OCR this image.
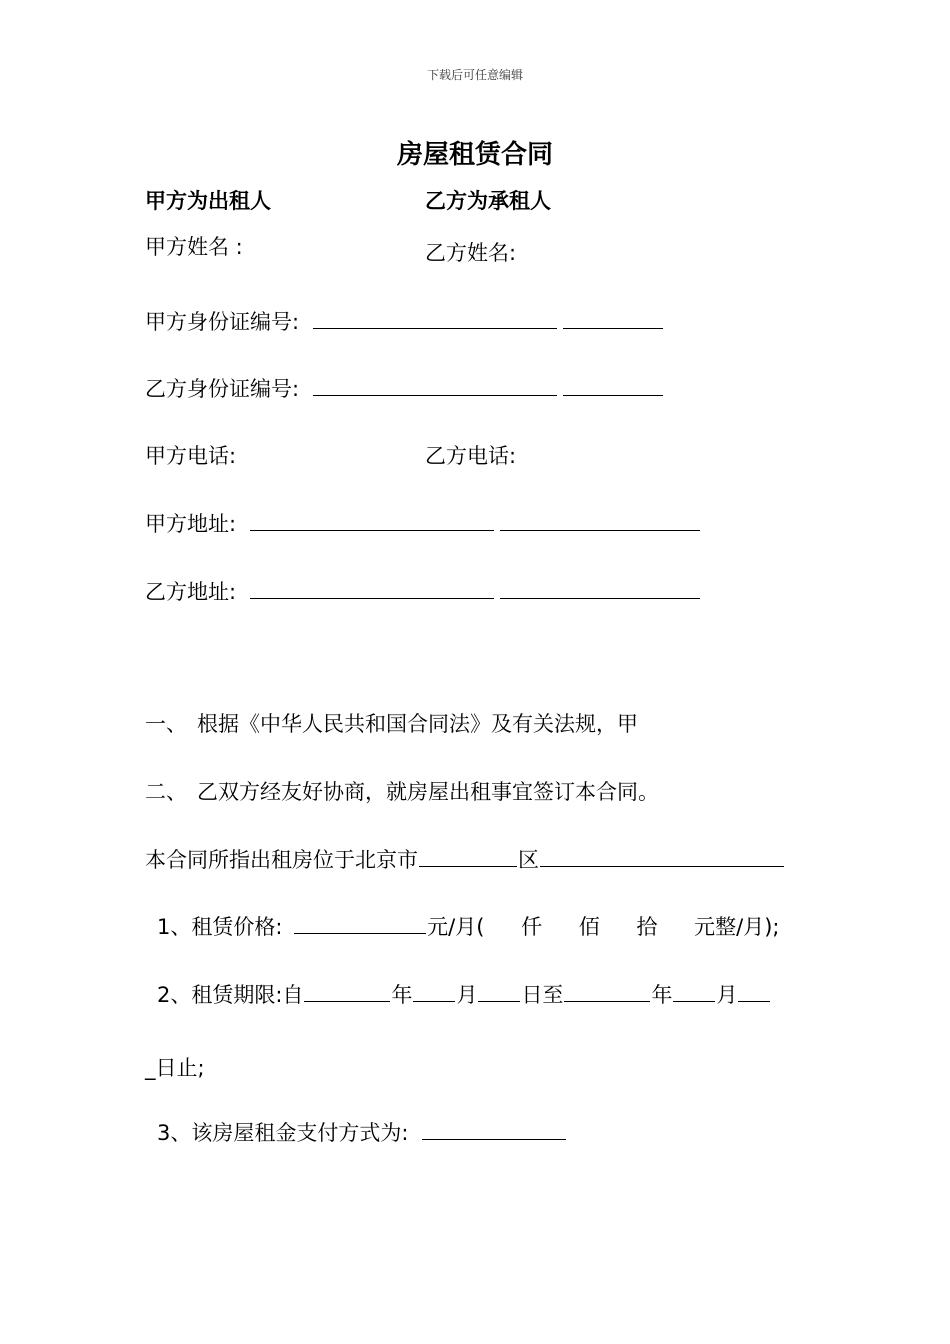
下载后可任意编辑
房屋租赁合同
甲方为出租人	乙方为承租人
甲方姓名 :	乙方姓名:
甲方身份证编号:
乙方身份证编号:
甲方电话:	乙方电话:
甲方地址:
乙方地址:
一、 根据《中华人民共和国合同法》及有关法规，甲
二、 乙双方经友好协商，就房屋出租事宜签订本合同。
本合同所指出租房位于北京市	区
1、租赁价格:	元/月( 仟 佰 拾 元整/月);
2、租赁期限:自	年 月 日至	年 月
_日止;
3、该房屋租金支付方式为:
